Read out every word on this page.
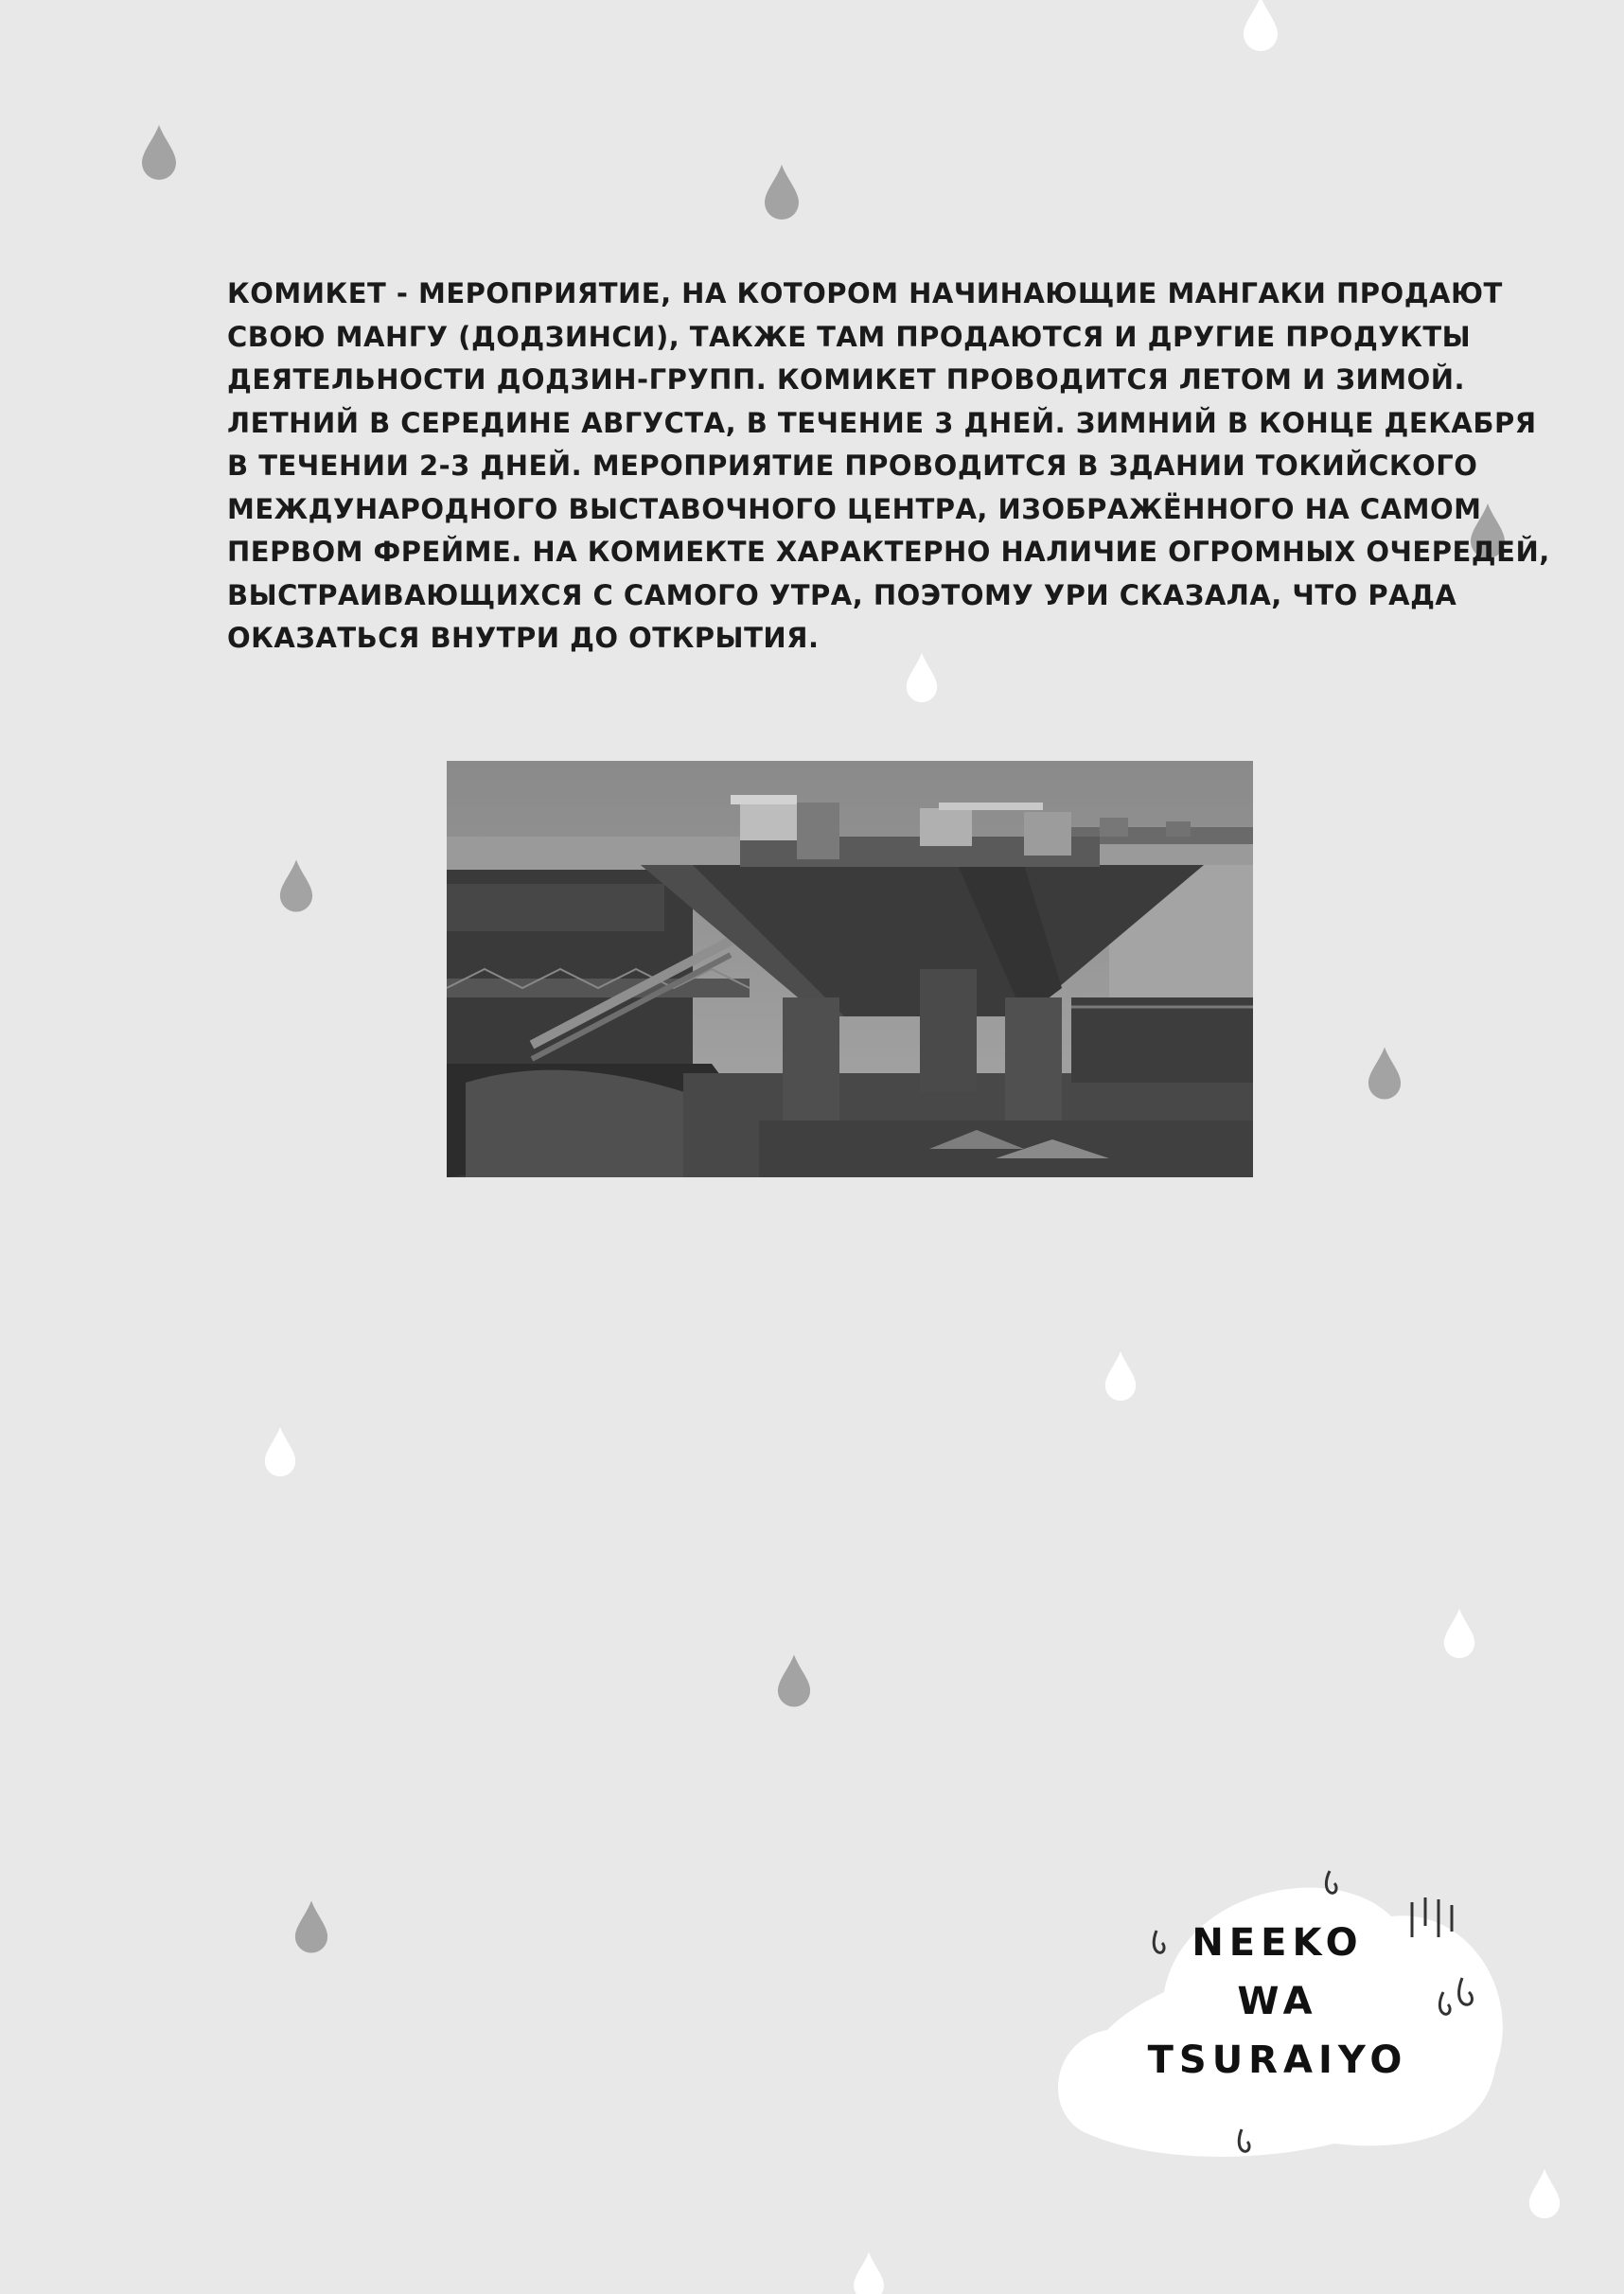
КОМИКЕТ - МЕРОПРИЯТИЕ, НА КОТОРОМ НАЧИНАЮЩИЕ МАНГАКИ ПРОДАЮТ

СВОЮ МАНГУ (ДОДЗИНСИ), ТАКЖЕ ТАМ ПРОДАЮТСЯ И ДРУГИЕ ПРОДУКТЫ

ДЕЯТЕЛЬНОСТИ ДОДЗИН-ГРУПП. КОМИКЕТ ПРОВОДИТСЯ ЛЕТОМ И ЗИМОЙ.

ЛЕТНИЙ В СЕРЕДИНЕ АВГУСТА, В ТЕЧЕНИЕ 3 ДНЕЙ. ЗИМНИЙ В КОНЦЕ ДЕКАБРЯ

В ТЕЧЕНИИ 2-3 ДНЕЙ. МЕРОПРИЯТИЕ ПРОВОДИТСЯ В ЗДАНИИ ТОКИЙСКОГО

МЕЖДУНАРОДНОГО ВЫСТАВОЧНОГО ЦЕНТРА, ИЗОБРАЖЁННОГО НА САМОМ

ПЕРВОМ ФРЕЙМЕ. НА КОМИЕКТЕ ХАРАКТЕРНО НАЛИЧИЕ ОГРОМНЫХ ОЧЕРЕДЕЙ,

ВЫСТРАИВАЮЩИХСЯ С САМОГО УТРА, ПОЭТОМУ УРИ СКАЗАЛА, ЧТО РАДА

ОКАЗАТЬСЯ ВНУТРИ ДО ОТКРЫТИЯ.

NEEKO
WA
TSURAIYO
